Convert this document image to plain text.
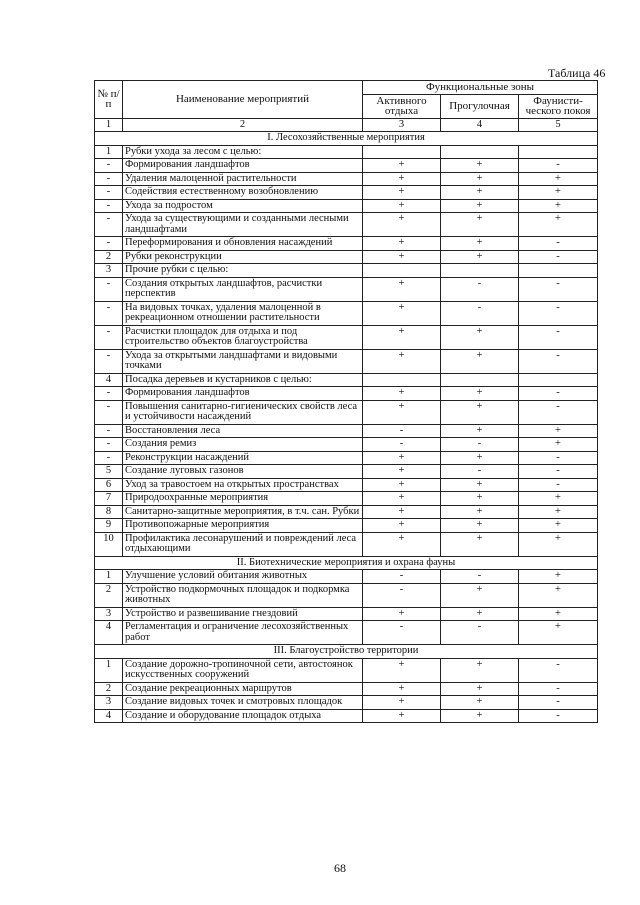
Таблица 46
№ п/п	Наименование мероприятий	Функциональные зоны		
		Активного отдыха	Прогулочная	Фаунисти-ческого покоя
1	2	3	4	5
I. Лесохозяйственные мероприятия				
1	Рубки ухода за лесом с целью:			
-	Формирования ландшафтов	+	+	-
-	Удаления малоценной растительности	+	+	+
-	Содействия естественному возобновлению	+	+	+
-	Ухода за подростом	+	+	+
-	Ухода за существующими и созданными лесными ландшафтами	+	+	+
-	Переформирования и обновления насаждений	+	+	-
2	Рубки реконструкции	+	+	-
3	Прочие рубки с целью:			
-	Создания открытых ландшафтов, расчистки перспектив	+	-	-
-	На видовых точках, удаления малоценной в рекреационном отношении растительности	+	-	-
-	Расчистки площадок для отдыха и под строительство объектов благоустройства	+	+	-
-	Ухода за открытыми ландшафтами и видовыми точками	+	+	-
4	Посадка деревьев и кустарников с целью:			
-	Формирования ландшафтов	+	+	-
-	Повышения санитарно-гигиенических свойств леса и устойчивости насаждений	+	+	-
-	Восстановления леса	-	+	+
-	Создания ремиз	-	-	+
-	Реконструкции насаждений	+	+	-
5	Создание луговых газонов	+	-	-
6	Уход за травостоем на открытых пространствах	+	+	-
7	Природоохранные мероприятия	+	+	+
8	Санитарно-защитные мероприятия, в т.ч. сан. Рубки	+	+	+
9	Противопожарные мероприятия	+	+	+
10	Профилактика лесонарушений и повреждений леса отдыхающими	+	+	+
II. Биотехнические мероприятия и охрана фауны				
1	Улучшение условий обитания животных	-	-	+
2	Устройство подкормочных площадок и подкормка животных	-	+	+
3	Устройство и развешивание гнездовий	+	+	+
4	Регламентация и ограничение лесохозяйственных работ	-	-	+
III. Благоустройство территории				
1	Создание дорожно-тропиночной сети, автостоянок искусственных сооружений	+	+	-
2	Создание рекреационных маршрутов	+	+	-
3	Создание видовых точек и смотровых площадок	+	+	-
4	Создание и оборудование площадок отдыха	+	+	-
68
